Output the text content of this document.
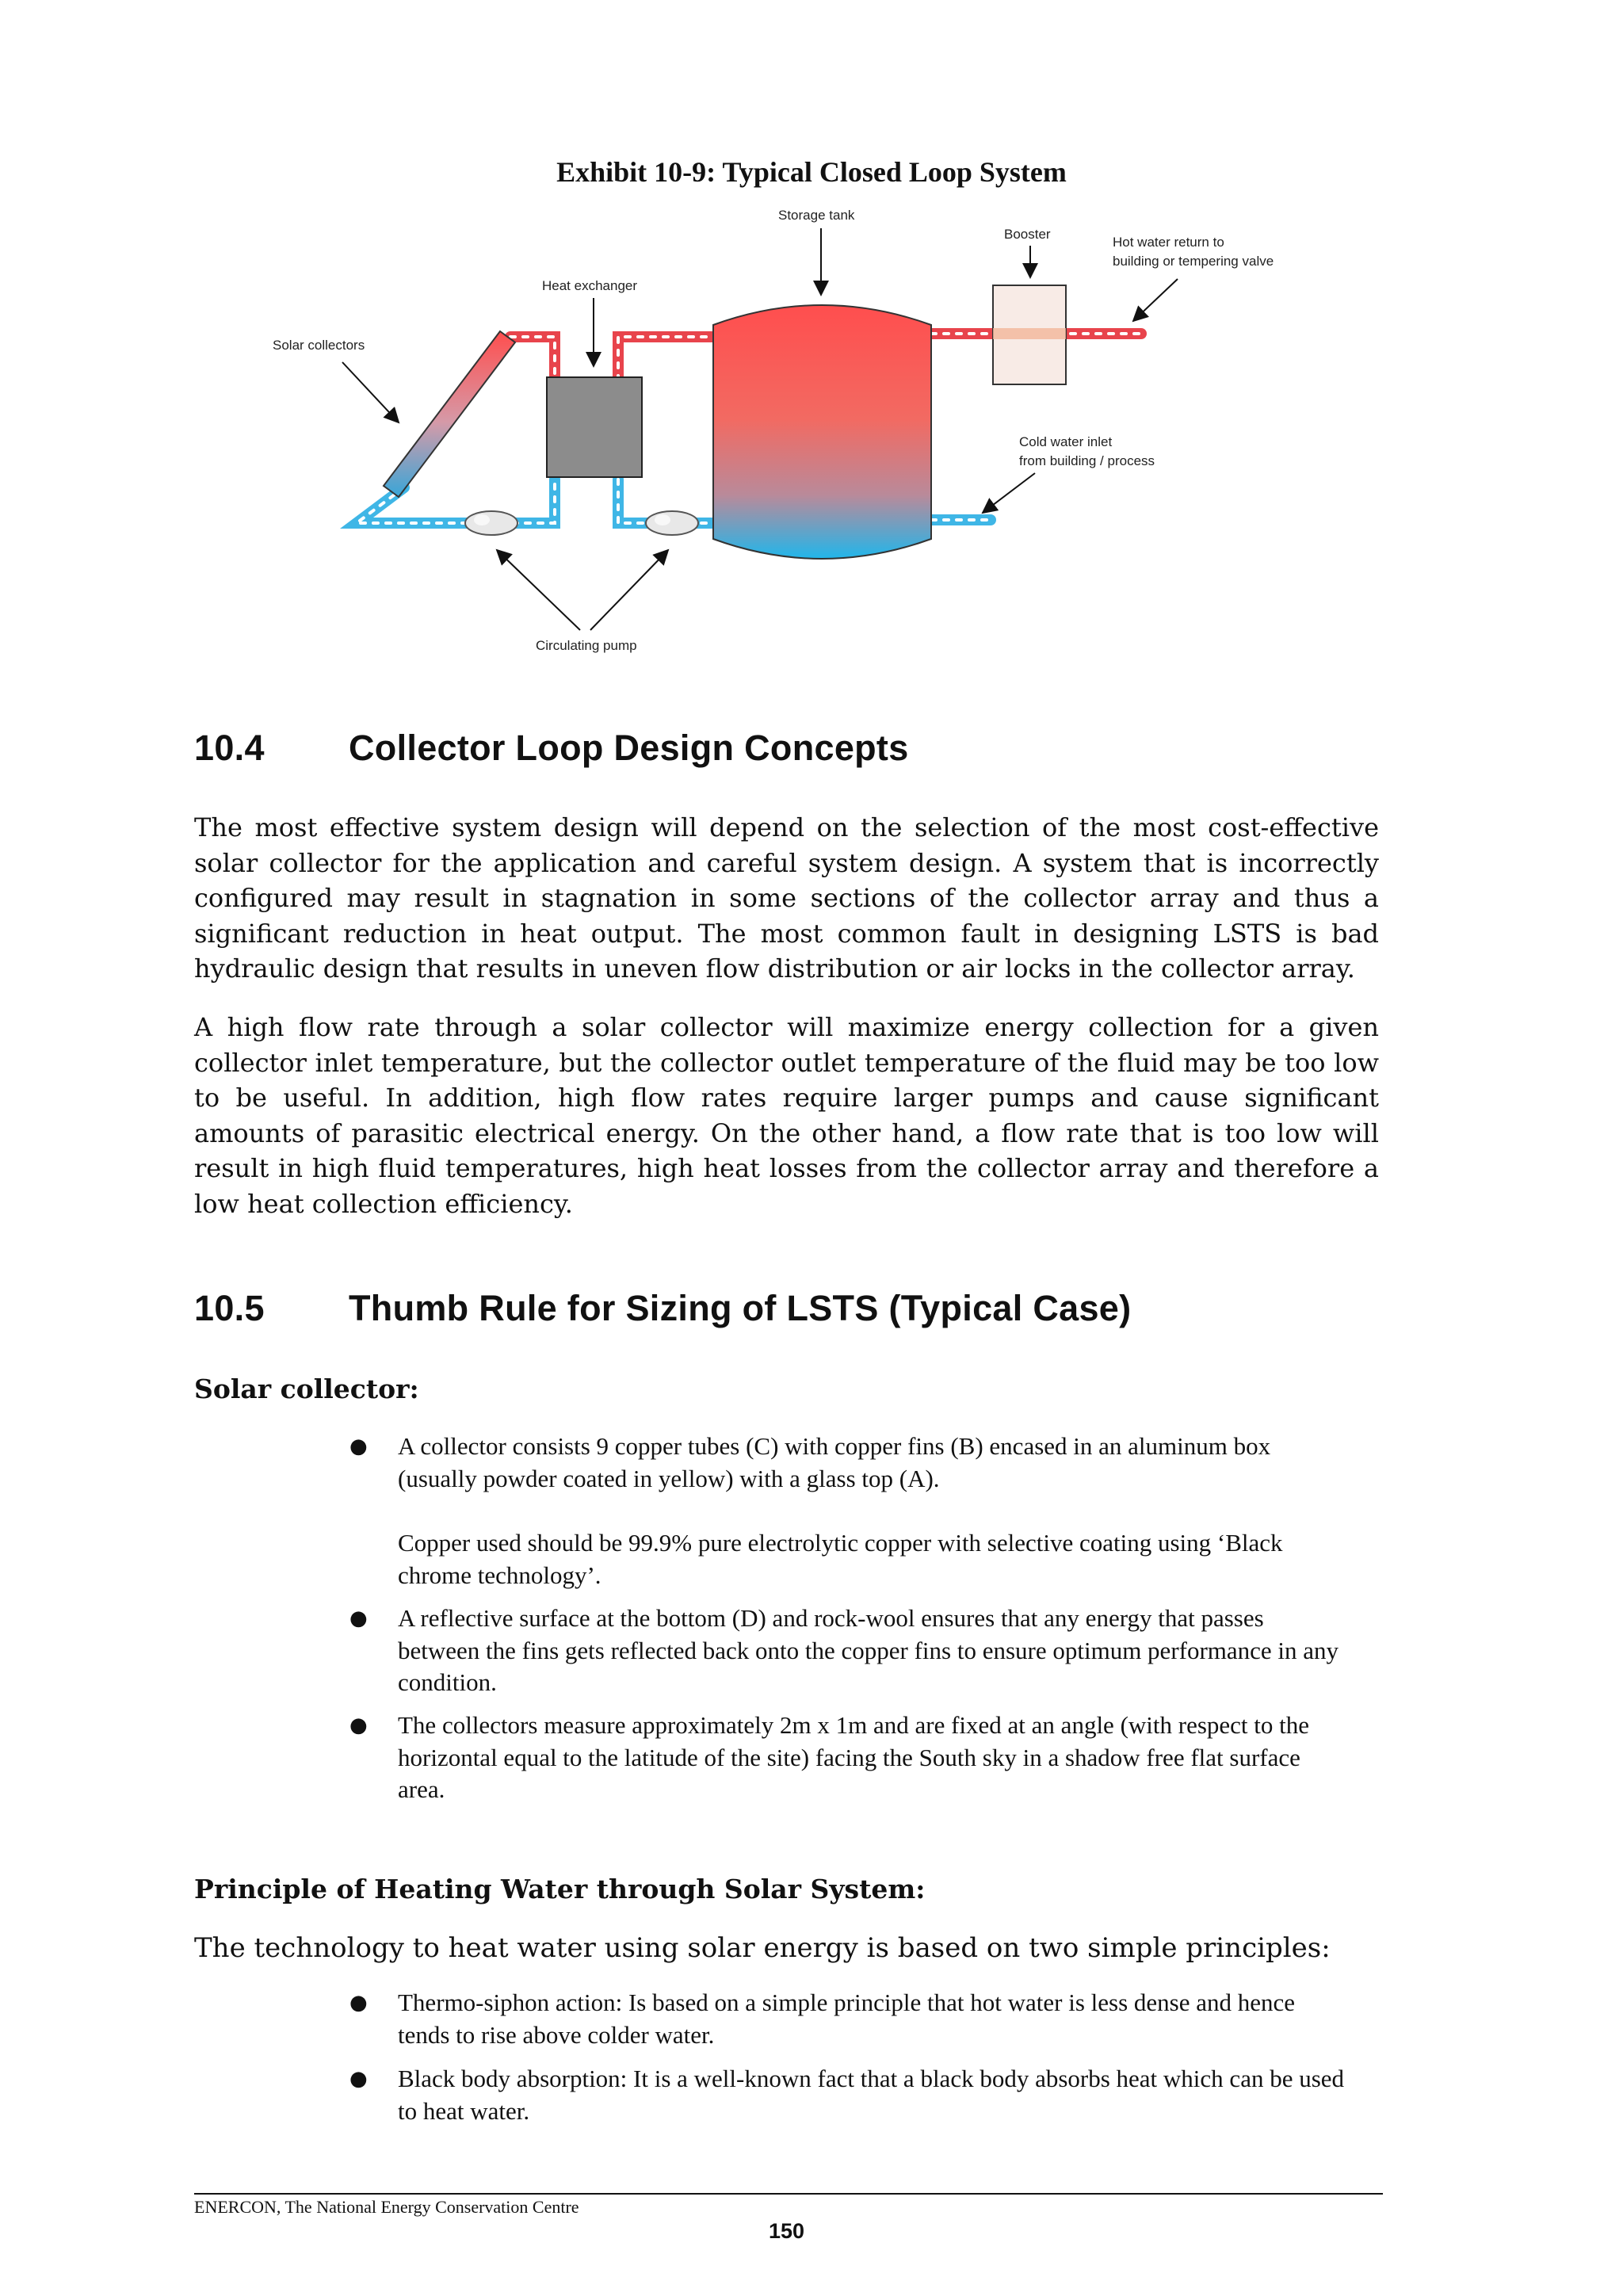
Exhibit 10-9: Typical Closed Loop System
Storage tank
Booster
Hot water return to
building or tempering valve
Heat exchanger
Solar collectors
Cold water inlet
from building / process
Circulating pump
10.4 Collector Loop Design Concepts
The most effective system design will depend on the selection of the most cost-effective solar collector for the application and careful system design. A system that is incorrectly configured may result in stagnation in some sections of the collector array and thus a significant reduction in heat output. The most common fault in designing LSTS is bad hydraulic design that results in uneven flow distribution or air locks in the collector array.
A high flow rate through a solar collector will maximize energy collection for a given collector inlet temperature, but the collector outlet temperature of the fluid may be too low to be useful. In addition, high flow rates require larger pumps and cause significant amounts of parasitic electrical energy. On the other hand, a flow rate that is too low will result in high fluid temperatures, high heat losses from the collector array and therefore a low heat collection efficiency.
10.5 Thumb Rule for Sizing of LSTS (Typical Case)
Solar collector:
● A collector consists 9 copper tubes (C) with copper fins (B) encased in an aluminum box (usually powder coated in yellow) with a glass top (A).
Copper used should be 99.9% pure electrolytic copper with selective coating using ‘Black chrome technology’.
● A reflective surface at the bottom (D) and rock-wool ensures that any energy that passes between the fins gets reflected back onto the copper fins to ensure optimum performance in any condition.
● The collectors measure approximately 2m x 1m and are fixed at an angle (with respect to the horizontal equal to the latitude of the site) facing the South sky in a shadow free flat surface area.
Principle of Heating Water through Solar System:
The technology to heat water using solar energy is based on two simple principles:
● Thermo-siphon action: Is based on a simple principle that hot water is less dense and hence tends to rise above colder water.
● Black body absorption: It is a well-known fact that a black body absorbs heat which can be used to heat water.
ENERCON, The National Energy Conservation Centre
150
